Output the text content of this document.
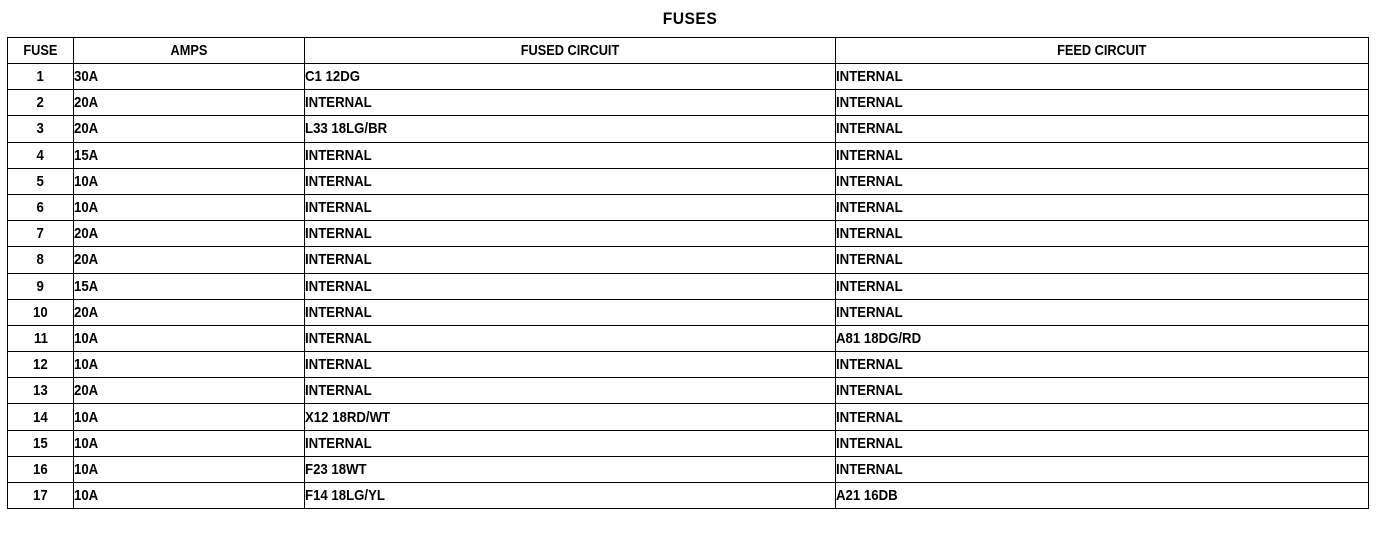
FUSES
FUSE	AMPS	FUSED CIRCUIT	FEED CIRCUIT
1	30A	C1 12DG	INTERNAL
2	20A	INTERNAL	INTERNAL
3	20A	L33 18LG/BR	INTERNAL
4	15A	INTERNAL	INTERNAL
5	10A	INTERNAL	INTERNAL
6	10A	INTERNAL	INTERNAL
7	20A	INTERNAL	INTERNAL
8	20A	INTERNAL	INTERNAL
9	15A	INTERNAL	INTERNAL
10	20A	INTERNAL	INTERNAL
11	10A	INTERNAL	A81 18DG/RD
12	10A	INTERNAL	INTERNAL
13	20A	INTERNAL	INTERNAL
14	10A	X12 18RD/WT	INTERNAL
15	10A	INTERNAL	INTERNAL
16	10A	F23 18WT	INTERNAL
17	10A	F14 18LG/YL	A21 16DB
